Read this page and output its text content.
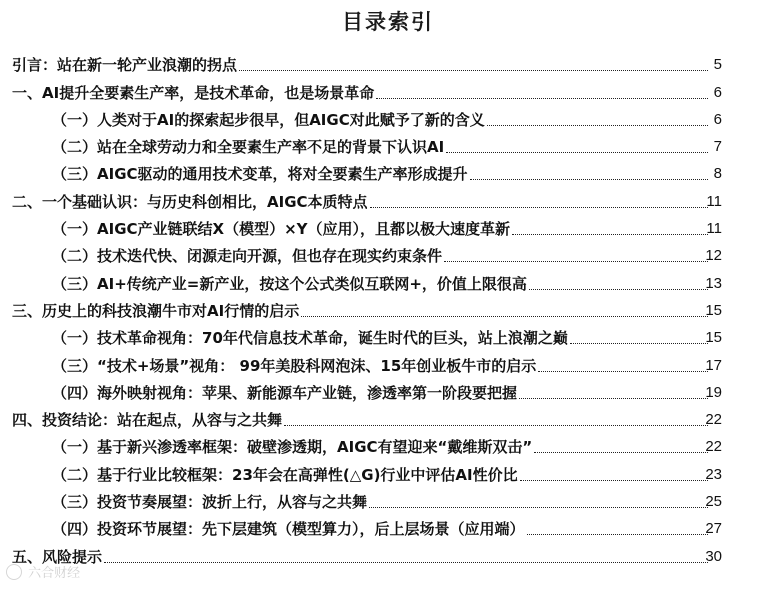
目录索引
引言：站在新一轮产业浪潮的拐点	5
一、AI提升全要素生产率，是技术革命，也是场景革命	6
（一）人类对于AI的探索起步很早，但AIGC对此赋予了新的含义	6
（二）站在全球劳动力和全要素生产率不足的背景下认识AI	7
（三）AIGC驱动的通用技术变革，将对全要素生产率形成提升	8
二、一个基础认识：与历史科创相比，AIGC本质特点	11
（一）AIGC产业链联结X（模型）×Y（应用），且都以极大速度革新	11
（二）技术迭代快、闭源走向开源，但也存在现实约束条件	12
（三）AI+传统产业=新产业，按这个公式类似互联网+，价值上限很高	13
三、历史上的科技浪潮牛市对AI行情的启示	15
（一）技术革命视角：70年代信息技术革命，诞生时代的巨头，站上浪潮之巅	15
（三）“技术+场景”视角： 99年美股科网泡沫、15年创业板牛市的启示	17
（四）海外映射视角：苹果、新能源车产业链，渗透率第一阶段要把握	19
四、投资结论：站在起点，从容与之共舞	22
（一）基于新兴渗透率框架：破壁渗透期，AIGC有望迎来“戴维斯双击”	22
（二）基于行业比较框架：23年会在高弹性(△G)行业中评估AI性价比	23
（三）投资节奏展望：波折上行，从容与之共舞	25
（四）投资环节展望：先下层建筑（模型算力），后上层场景（应用端）	27
五、风险提示	30
六合财经
